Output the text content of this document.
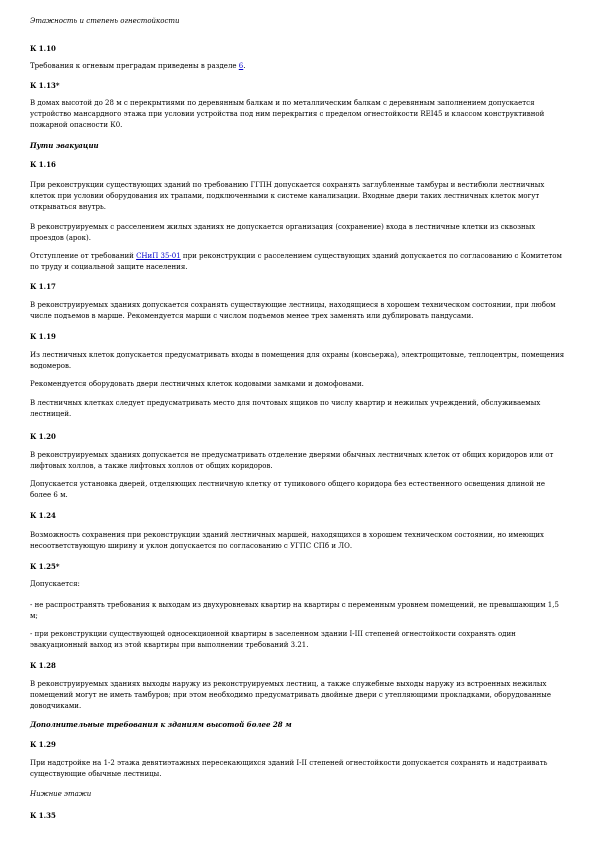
Этажность и степень огнестойкости

К 1.10

Требования к огневым преградам приведены в разделе 6.

К 1.13*

В домах высотой до 28 м с перекрытиями по деревянным балкам и по металлическим балкам с деревянным заполнением допускается устройство мансардного этажа при условии устройства под ним перекрытия с пределом огнестойкости REI45 и классом конструктивной пожарной опасности К0.

Пути эвакуации

К 1.16

При реконструкции существующих зданий по требованию ГГПН допускается сохранять заглубленные тамбуры и вестибюли лестничных клеток при условии оборудования их трапами, подключенными к системе канализации. Входные двери таких лестничных клеток могут открываться внутрь.

В реконструируемых с расселением жилых зданиях не допускается организация (сохранение) входа в лестничные клетки из сквозных проездов (арок).

Отступление от требований СНиП 35-01 при реконструкции с расселением существующих зданий допускается по согласованию с Комитетом по труду и социальной защите населения.

К 1.17

В реконструируемых зданиях допускается сохранять существующие лестницы, находящиеся в хорошем техническом состоянии, при любом числе подъемов в марше. Рекомендуется марши с числом подъемов менее трех заменять или дублировать пандусами.

К 1.19

Из лестничных клеток допускается предусматривать входы в помещения для охраны (консьержа), электрощитовые, теплоцентры, помещения водомеров.

Рекомендуется оборудовать двери лестничных клеток кодовыми замками и домофонами.

В лестничных клетках следует предусматривать место для почтовых ящиков по числу квартир и нежилых учреждений, обслуживаемых лестницей.

К 1.20

В реконструируемых зданиях допускается не предусматривать отделение дверями обычных лестничных клеток от общих коридоров или от лифтовых холлов, а также лифтовых холлов от общих коридоров.

Допускается установка дверей, отделяющих лестничную клетку от тупикового общего коридора без естественного освещения длиной не более 6 м.

К 1.24

Возможность сохранения при реконструкции зданий лестничных маршей, находящихся в хорошем техническом состоянии, но имеющих несоответствующую ширину и уклон допускается по согласованию с УГПС СПб и ЛО.

К 1.25*

Допускается:

- не распространять требования к выходам из двухуровневых квартир на квартиры с переменным уровнем помещений, не превышающим 1,5 м;

- при реконструкции существующей односекционной квартиры в заселенном здании I-III степеней огнестойкости сохранять один эвакуационный выход из этой квартиры при выполнении требований 3.21.

К 1.28

В реконструируемых зданиях выходы наружу из реконструируемых лестниц, а также служебные выходы наружу из встроенных нежилых помещений могут не иметь тамбуров; при этом необходимо предусматривать двойные двери с утепляющими прокладками, оборудованные доводчиками.

Дополнительные требования к зданиям высотой более 28 м

К 1.29

При надстройке на 1-2 этажа девятиэтажных пересекающихся зданий I-II степеней огнестойкости допускается сохранять и надстраивать существующие обычные лестницы.

Нижние этажи

К 1.35
